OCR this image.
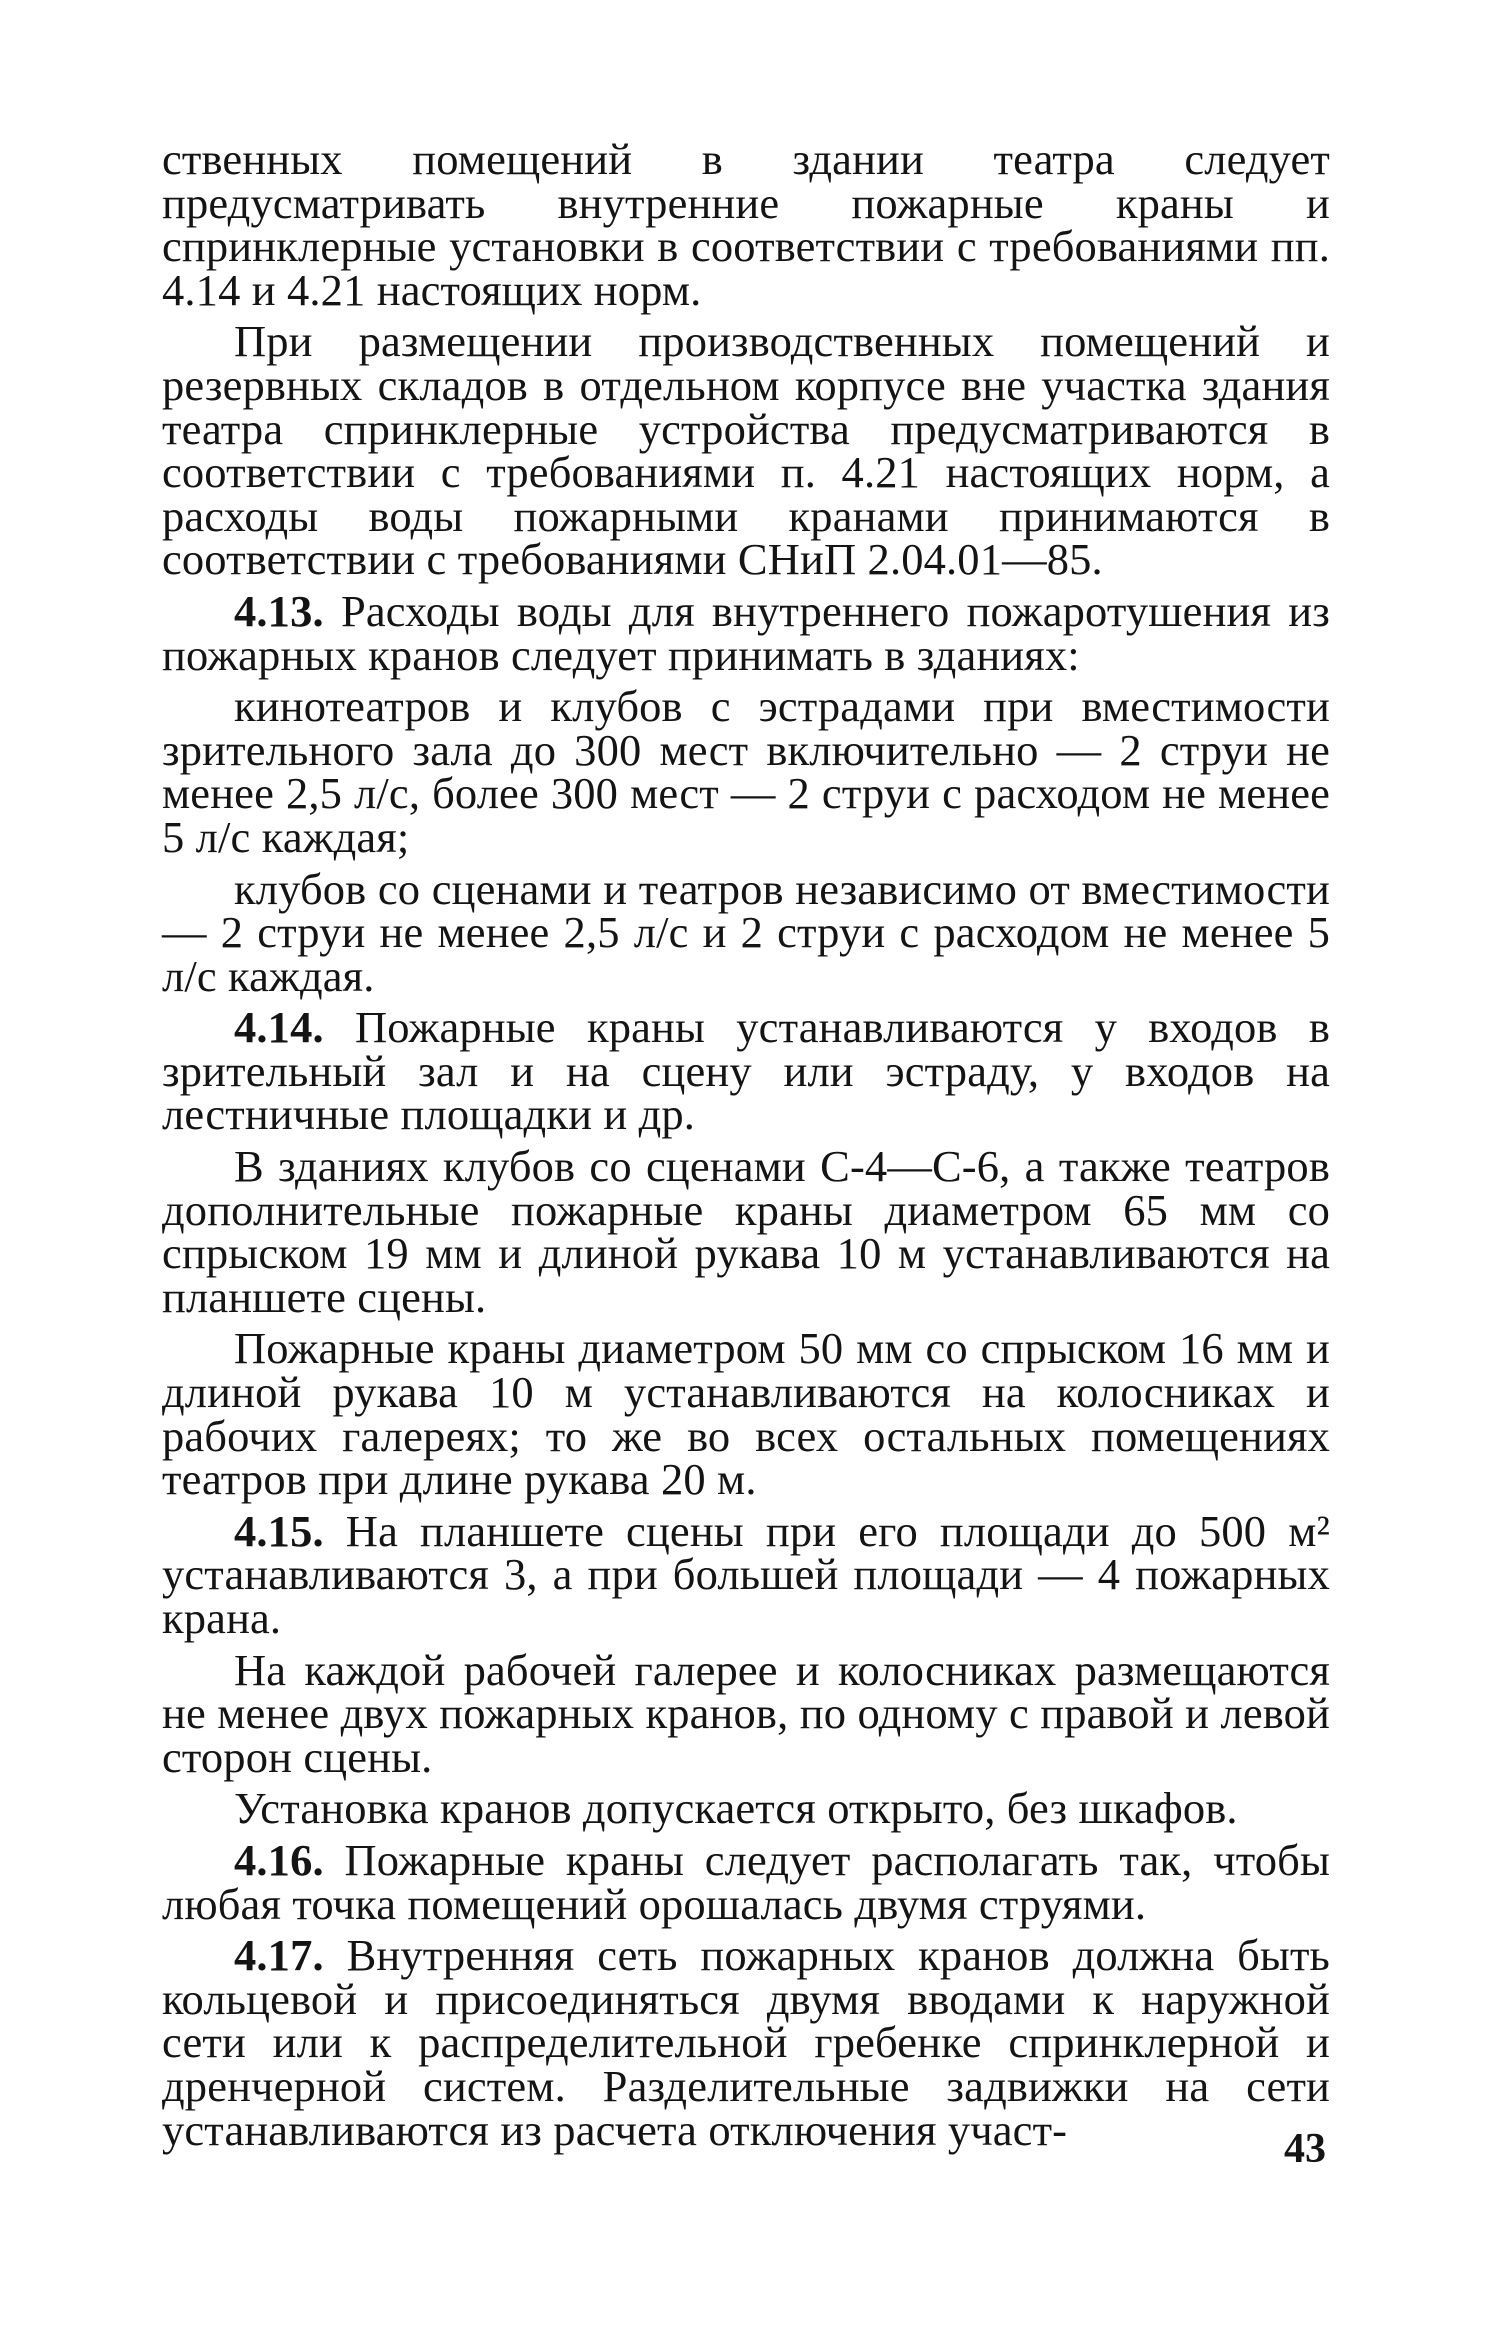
ственных помещений в здании театра следует предусматривать внутренние пожарные краны и спринклерные установки в соответствии с требованиями пп. 4.14 и 4.21 настоящих норм.

При размещении производственных помещений и резервных складов в отдельном корпусе вне участка здания театра спринклерные устройства предусматриваются в соответствии с требованиями п. 4.21 настоящих норм, а расходы воды пожарными кранами принимаются в соответствии с требованиями СНиП 2.04.01—85.

4.13. Расходы воды для внутреннего пожаротушения из пожарных кранов следует принимать в зданиях:

кинотеатров и клубов с эстрадами при вместимости зрительного зала до 300 мест включительно — 2 струи не менее 2,5 л/с, более 300 мест — 2 струи с расходом не менее 5 л/с каждая;

клубов со сценами и театров независимо от вместимости — 2 струи не менее 2,5 л/с и 2 струи с расходом не менее 5 л/с каждая.

4.14. Пожарные краны устанавливаются у входов в зрительный зал и на сцену или эстраду, у входов на лестничные площадки и др.

В зданиях клубов со сценами С-4—С-6, а также театров дополнительные пожарные краны диаметром 65 мм со спрыском 19 мм и длиной рукава 10 м устанавливаются на планшете сцены.

Пожарные краны диаметром 50 мм со спрыском 16 мм и длиной рукава 10 м устанавливаются на колосниках и рабочих галереях; то же во всех остальных помещениях театров при длине рукава 20 м.

4.15. На планшете сцены при его площади до 500 м² устанавливаются 3, а при большей площади — 4 пожарных крана.

На каждой рабочей галерее и колосниках размещаются не менее двух пожарных кранов, по одному с правой и левой сторон сцены.

Установка кранов допускается открыто, без шкафов.

4.16. Пожарные краны следует располагать так, чтобы любая точка помещений орошалась двумя струями.

4.17. Внутренняя сеть пожарных кранов должна быть кольцевой и присоединяться двумя вводами к наружной сети или к распределительной гребенке спринклерной и дренчерной систем. Разделительные задвижки на сети устанавливаются из расчета отключения участ-	43
